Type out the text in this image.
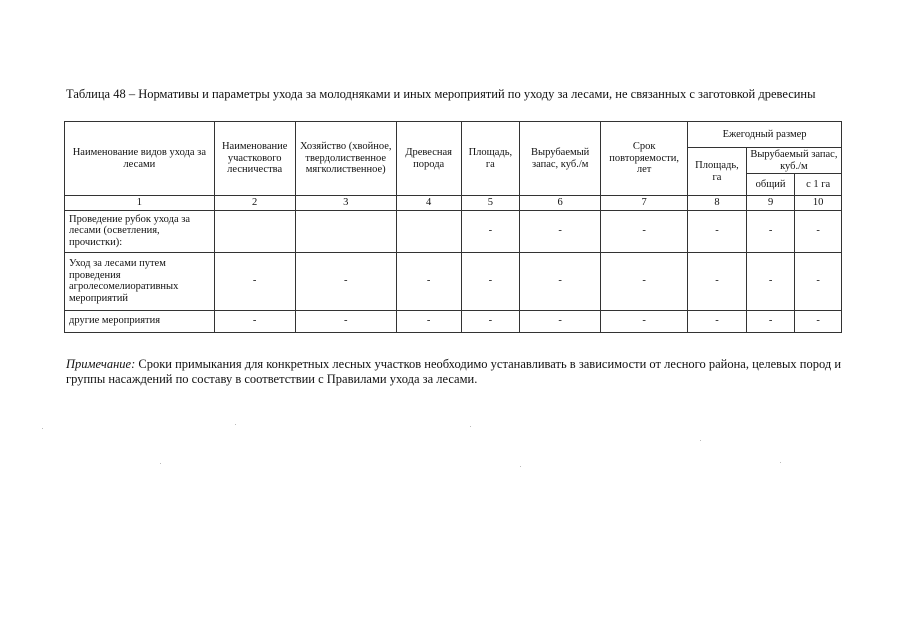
Таблица 48 – Нормативы и параметры ухода за молодняками и иных мероприятий по уходу за лесами, не связанных с заготовкой древесины
Наименование видов ухода за лесами	Наименование участкового лесничества	Хозяйство (хвойное, твердолиственное мягколиственное)	Древесная порода	Площадь, га	Вырубаемый запас, куб./м	Срок повторяемости, лет	Ежегодный размер		
							Площадь, га	Вырубаемый запас, куб./м	
								общий	с 1 га
1	2	3	4	5	6	7	8	9	10
Проведение рубок ухода за лесами (осветления, прочистки):				-	-	-	-	-	-
Уход за лесами путем проведения агролесомелиоративных мероприятий	-	-	-	-	-	-	-	-	-
другие мероприятия	-	-	-	-	-	-	-	-	-
Примечание: Сроки примыкания для конкретных лесных участков необходимо устанавливать в зависимости от лесного района, целевых пород и группы насаждений по составу в соответствии с Правилами ухода за лесами.
